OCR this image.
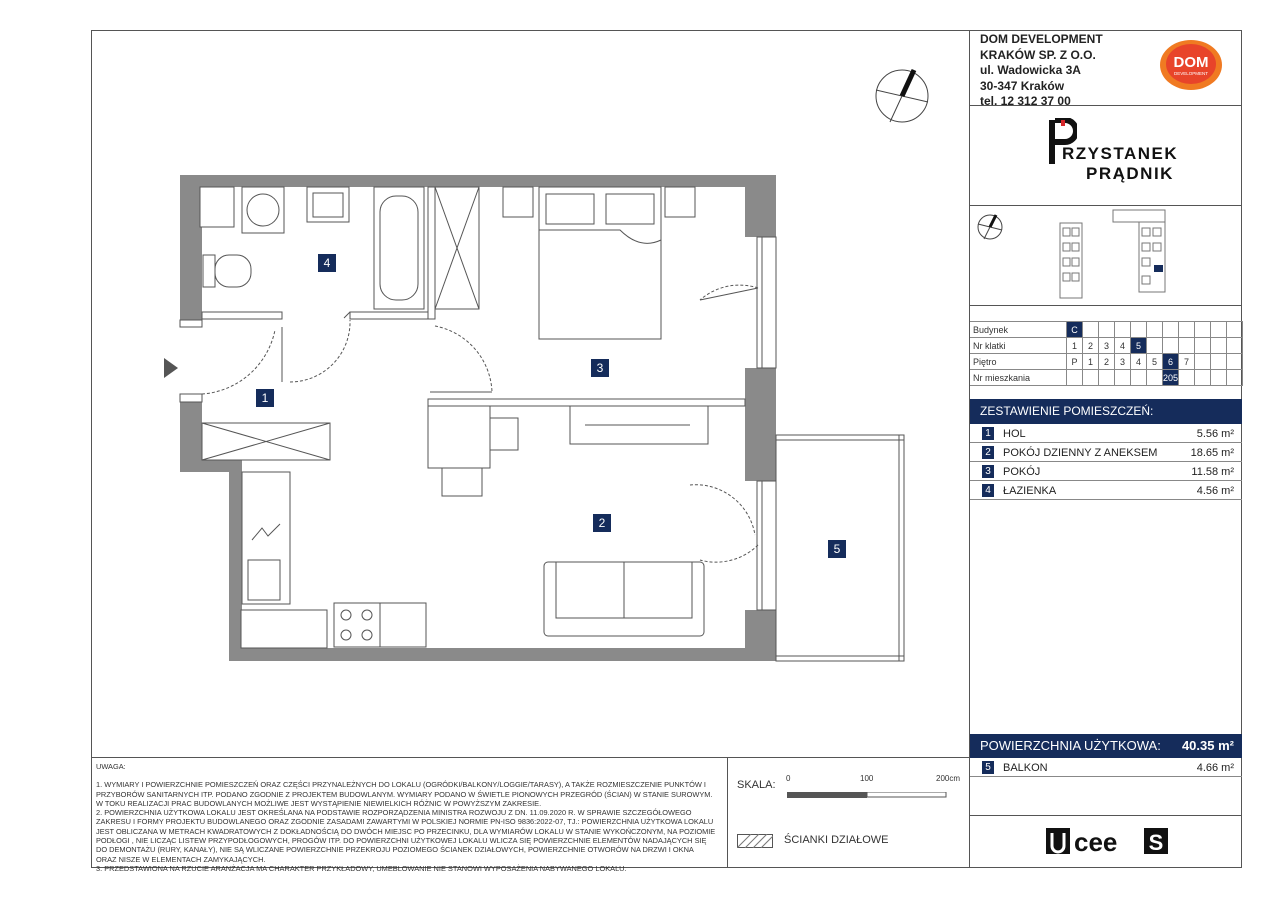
DOM DEVELOPMENT
KRAKÓW SP. Z O.O.
ul. Wadowicka 3A
30-347 Kraków
tel. 12 312 37 00
DOM
DEVELOPMENT
RZYSTANEK
PRĄDNIK
Budynek	C										
Nr klatki	1	2	3	4	5						
Piętro	P	1	2	3	4	5	6	7			
Nr mieszkania							205				
ZESTAWIENIE POMIESZCZEŃ:
1 HOL	5.56 m²
2 POKÓJ DZIENNY Z ANEKSEM	18.65 m²
3 POKÓJ	11.58 m²
4 ŁAZIENKA	4.56 m²
POWIERZCHNIA UŻYTKOWA: 40.35 m²
5 BALKON	4.66 m²
1
2
3
4
5

UWAGA:

1. WYMIARY I POWIERZCHNIE POMIESZCZEŃ ORAZ CZĘŚCI PRZYNALEŻNYCH DO LOKALU (OGRÓDKI/BALKONY/LOGGIE/TARASY), A TAKŻE ROZMIESZCZENIE PUNKTÓW I PRZYBORÓW SANITARNYCH ITP. PODANO ZGODNIE Z PROJEKTEM BUDOWLANYM. WYMIARY PODANO W ŚWIETLE PIONOWYCH PRZEGRÓD (ŚCIAN) W STANIE SUROWYM. W TOKU REALIZACJI PRAC BUDOWLANYCH MOŻLIWE JEST WYSTĄPIENIE NIEWIELKICH RÓŻNIC W POWYŻSZYM ZAKRESIE.

2. POWIERZCHNIA UŻYTKOWA LOKALU JEST OKREŚLANA NA PODSTAWIE ROZPORZĄDZENIA MINISTRA ROZWOJU Z DN. 11.09.2020 R. W SPRAWIE SZCZEGÓŁOWEGO ZAKRESU I FORMY PROJEKTU BUDOWLANEGO ORAZ ZGODNIE ZASADAMI ZAWARTYMI W POLSKIEJ NORMIE PN-ISO 9836:2022-07, TJ.: POWIERZCHNIA UŻYTKOWA LOKALU JEST OBLICZANA W METRACH KWADRATOWYCH Z DOKŁADNOŚCIĄ DO DWÓCH MIEJSC PO PRZECINKU, DLA WYMIARÓW LOKALU W STANIE WYKOŃCZONYM, NA POZIOMIE PODŁOGI , NIE LICZĄC LISTEW PRZYPODŁOGOWYCH, PROGÓW ITP. DO POWIERZCHNI UŻYTKOWEJ LOKALU WLICZA SIĘ POWIERZCHNIE ELEMENTÓW NADAJĄCYCH SIĘ DO DEMONTAŻU (RURY, KANAŁY), NIE SĄ WLICZANE POWIERZCHNIE PRZEKROJU POZIOMEGO ŚCIANEK DZIAŁOWYCH, POWIERZCHNIE OTWORÓW NA DRZWI I OKNA ORAZ NISZE W ELEMENTACH ZAMYKAJĄCYCH.

3. PRZEDSTAWIONA NA RZUCIE ARANŻACJA MA CHARAKTER PRZYKŁADOWY, UMEBLOWANIE NIE STANOWI WYPOSAŻENIA NABYWANEGO LOKALU.

SKALA:
0	100	200cm
ŚCIANKI DZIAŁOWE	cee S
